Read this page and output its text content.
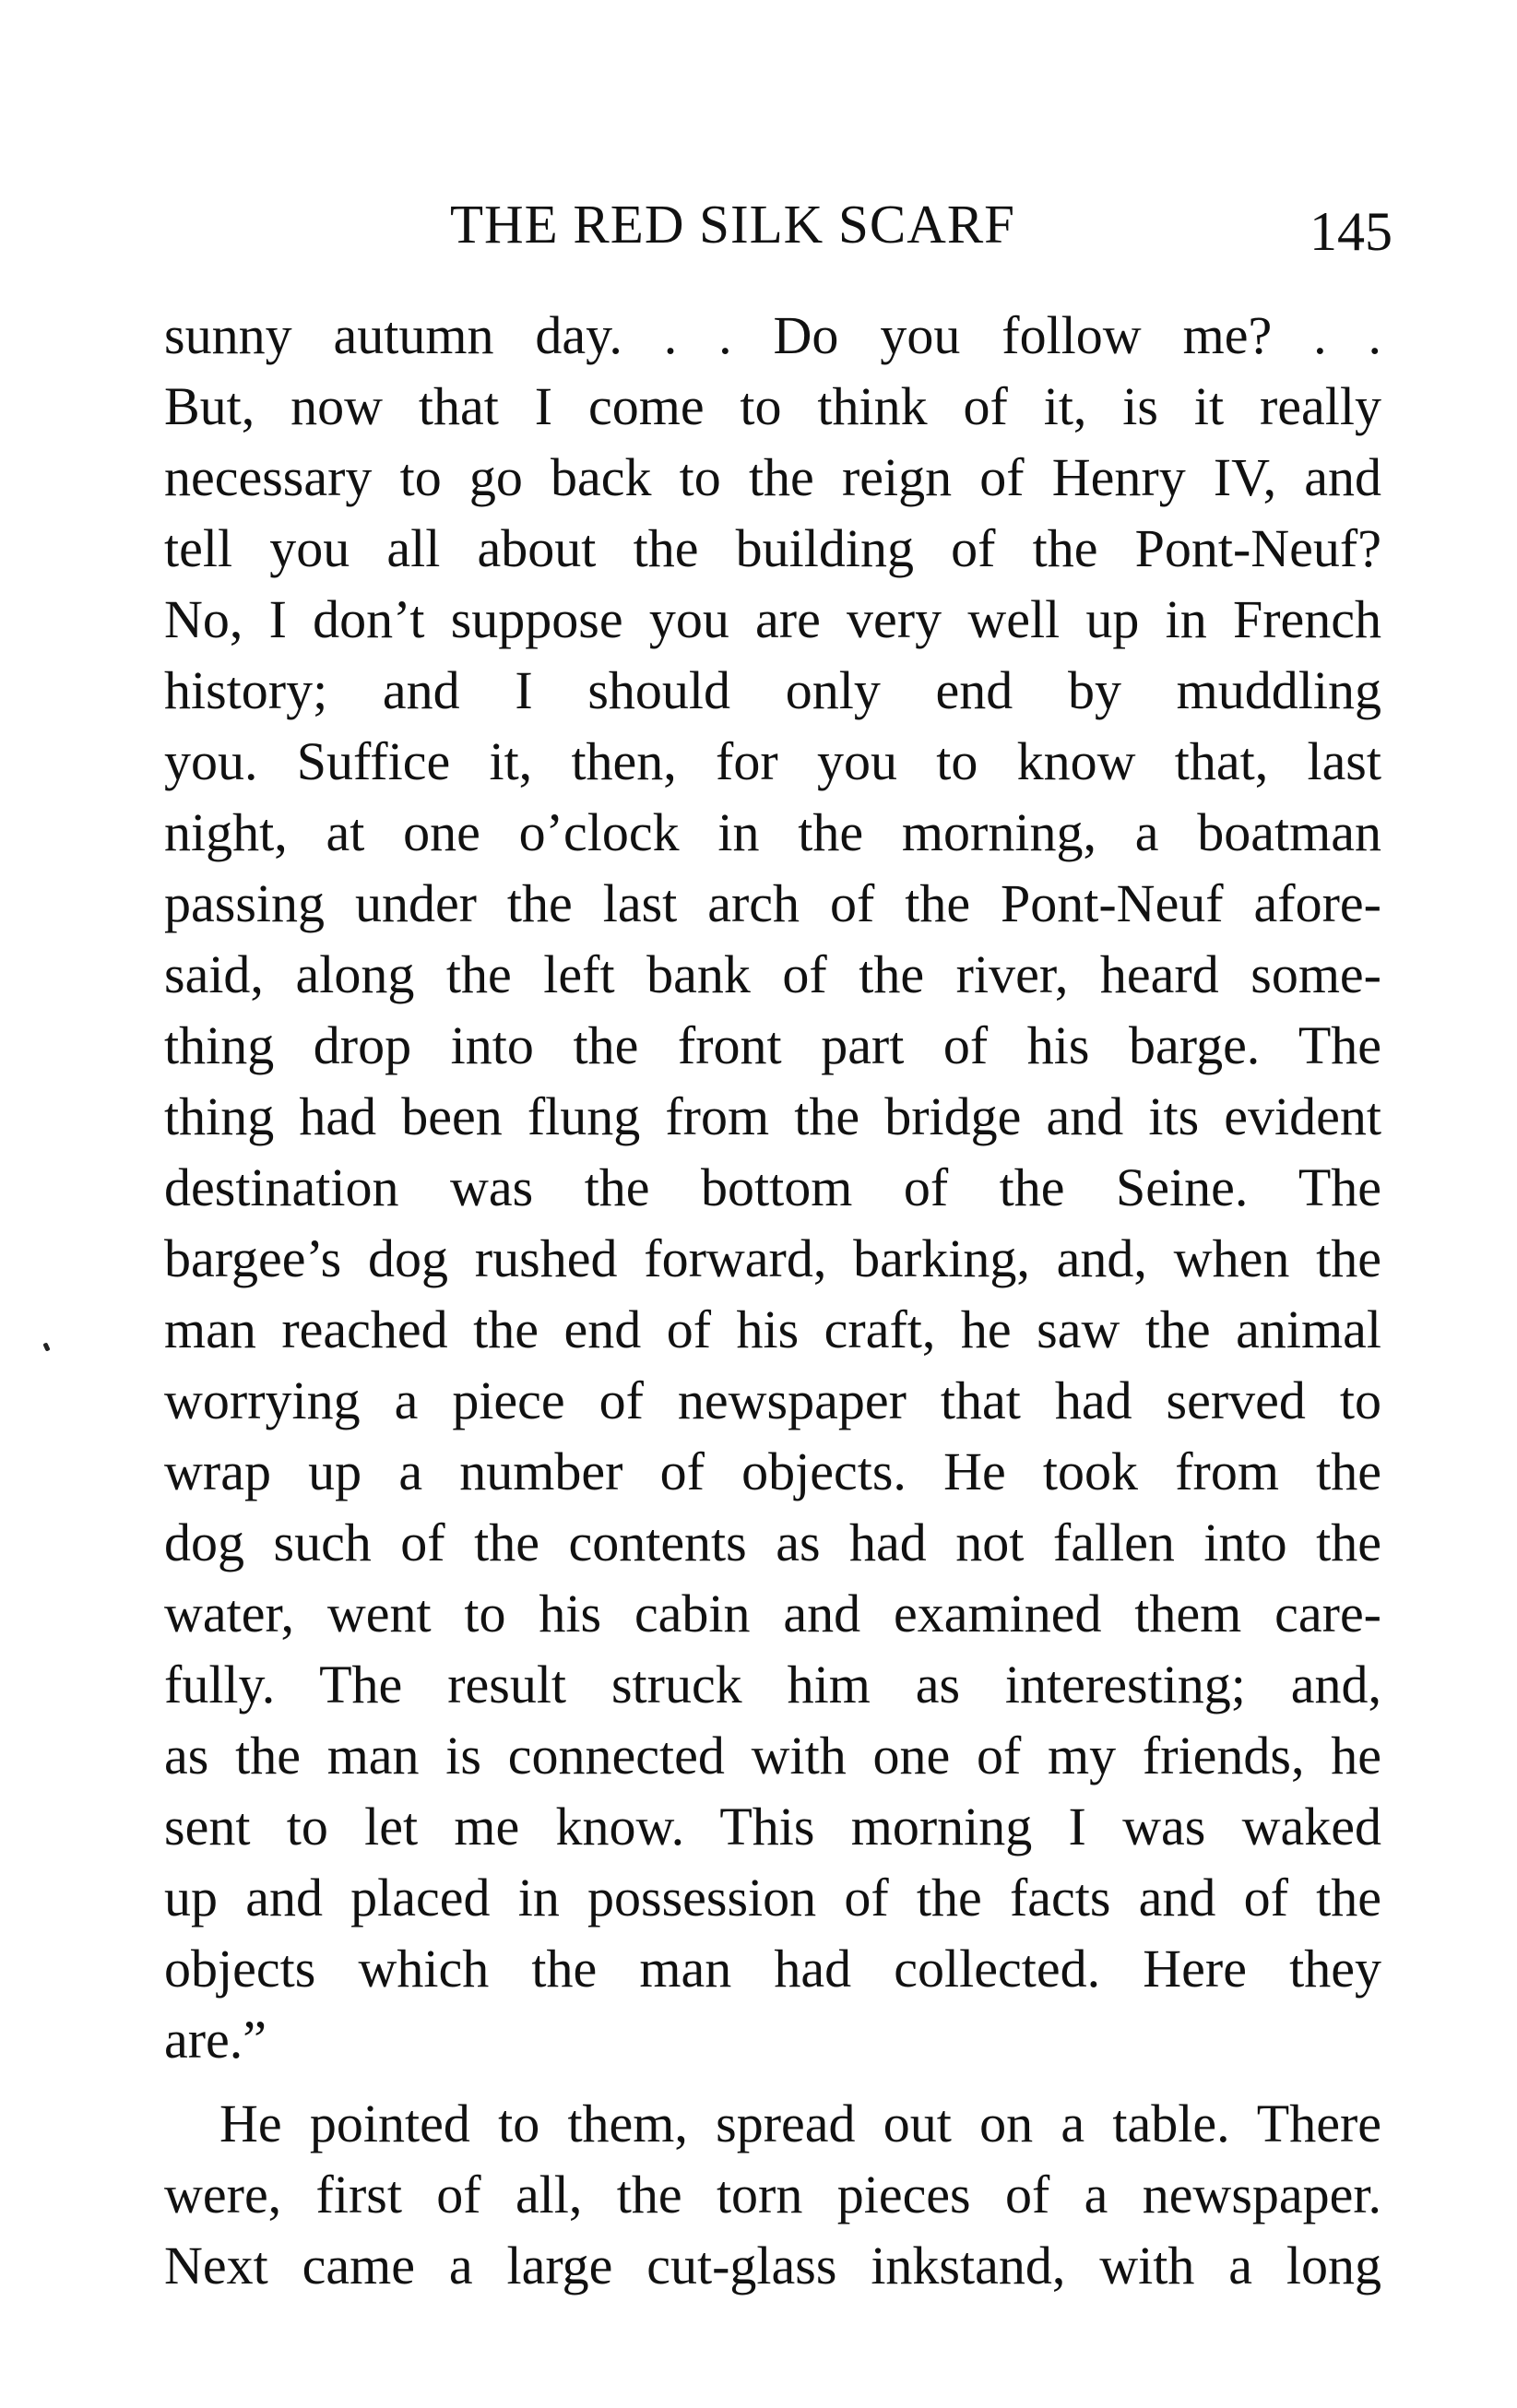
THE RED SILK SCARF	145
sunny autumn day. . . Do you follow me? . .
But, now that I come to think of it, is it really
necessary to go back to the reign of Henry IV, and
tell you all about the building of the Pont-Neuf?
No, I don’t suppose you are very well up in French
history; and I should only end by muddling
you. Suffice it, then, for you to know that, last
night, at one o’clock in the morning, a boatman
passing under the last arch of the Pont-Neuf afore-
said, along the left bank of the river, heard some-
thing drop into the front part of his barge. The
thing had been flung from the bridge and its evident
destination was the bottom of the Seine. The
bargee’s dog rushed forward, barking, and, when the
man reached the end of his craft, he saw the animal
worrying a piece of newspaper that had served to
wrap up a number of objects. He took from the
dog such of the contents as had not fallen into the
water, went to his cabin and examined them care-
fully. The result struck him as interesting; and,
as the man is connected with one of my friends, he
sent to let me know. This morning I was waked
up and placed in possession of the facts and of the
objects which the man had collected. Here they
are.”
He pointed to them, spread out on a table. There
were, first of all, the torn pieces of a newspaper.
Next came a large cut-glass inkstand, with a long
